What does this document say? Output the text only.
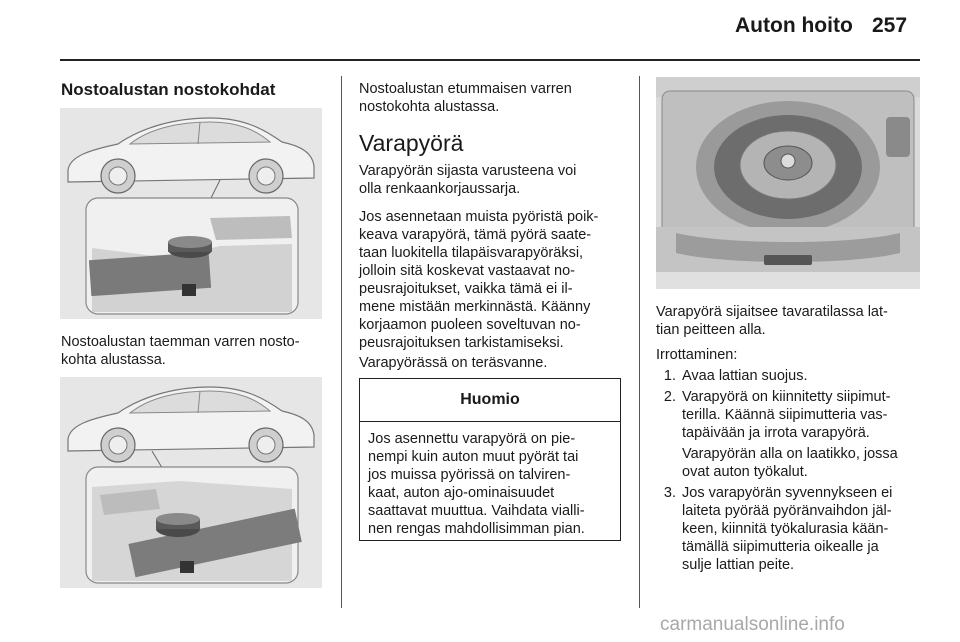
Auton hoito 257
Nostoalustan nostokohdat
Nostoalustan taemman varren nosto-
kohta alustassa.
Nostoalustan etummaisen varren
nostokohta alustassa.
Varapyörä
Varapyörän sijasta varusteena voi
olla renkaankorjaussarja.
Jos asennetaan muista pyöristä poik-
keava varapyörä, tämä pyörä saate-
taan luokitella tilapäisvarapyöräksi,
jolloin sitä koskevat vastaavat no-
peusrajoitukset, vaikka tämä ei il-
mene mistään merkinnästä. Käänny
korjaamon puoleen soveltuvan no-
peusrajoituksen tarkistamiseksi.
Varapyörässä on teräsvanne.
Huomio
Jos asennettu varapyörä on pie-
nempi kuin auton muut pyörät tai
jos muissa pyörissä on talviren-
kaat, auton ajo-ominaisuudet
saattavat muuttua. Vaihdata vialli-
nen rengas mahdollisimman pian.
Varapyörä sijaitsee tavaratilassa lat-
tian peitteen alla.
Irrottaminen:
1. Avaa lattian suojus.
2. Varapyörä on kiinnitetty siipimut-
terilla. Käännä siipimutteria vas-
tapäivään ja irrota varapyörä.
Varapyörän alla on laatikko, jossa
ovat auton työkalut.
3. Jos varapyörän syvennykseen ei
laiteta pyörää pyöränvaihdon jäl-
keen, kiinnitä työkalurasia kään-
tämällä siipimutteria oikealle ja
sulje lattian peite.
carmanualsonline.info
